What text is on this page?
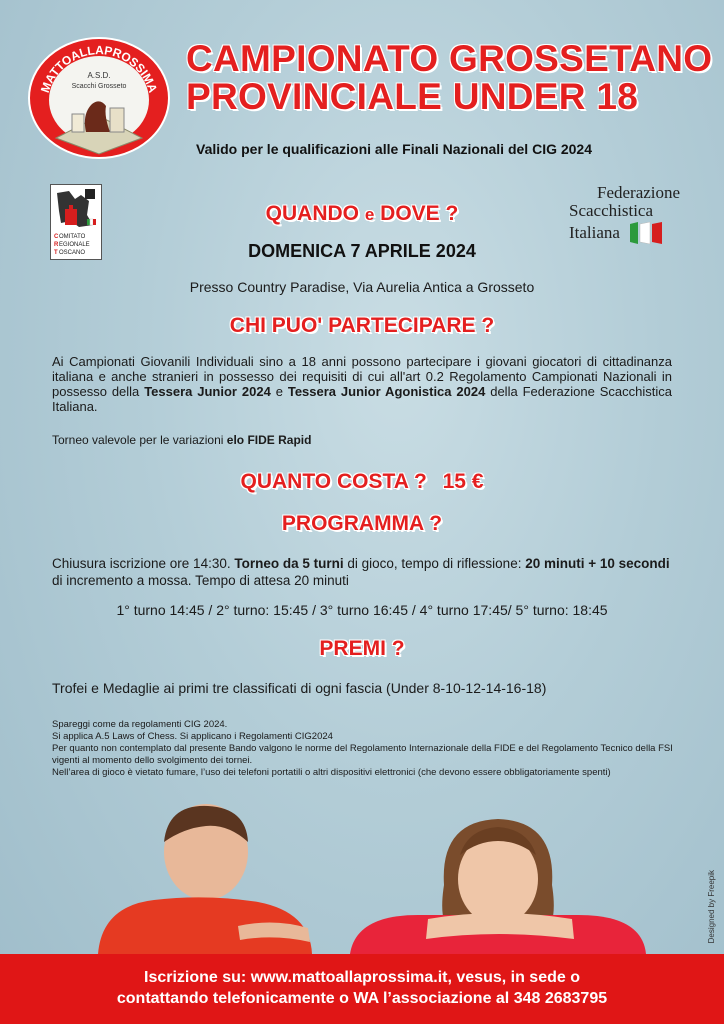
MATTOALLAPROSSIMA
A.S.D.
Scacchi Grosseto
CAMPIONATO GROSSETANO
PROVINCIALE UNDER 18
Valido per le qualificazioni alle Finali Nazionali del CIG 2024
C OMITATO
R EGIONALE
T OSCANO
Federazione
Scacchistica
Italiana
QUANDO e DOVE ?
DOMENICA 7 APRILE 2024
Presso Country Paradise, Via Aurelia Antica a Grosseto
CHI PUO' PARTECIPARE ?
Ai Campionati Giovanili Individuali sino a 18 anni possono partecipare i giovani giocatori di cittadinanza italiana e anche stranieri in possesso dei requisiti di cui all'art 0.2 Regolamento Campionati Nazionali in possesso della Tessera Junior 2024 e Tessera Junior Agonistica 2024 della Federazione Scacchistica Italiana.
Torneo valevole per le variazioni elo FIDE Rapid
QUANTO COSTA ? 15 €
PROGRAMMA ?
Chiusura iscrizione ore 14:30. Torneo da 5 turni di gioco, tempo di riflessione: 20 minuti + 10 secondi
di incremento a mossa. Tempo di attesa 20 minuti
1° turno 14:45 / 2° turno: 15:45 / 3° turno 16:45 / 4° turno 17:45/ 5° turno: 18:45
PREMI ?
Trofei e Medaglie ai primi tre classificati di ogni fascia (Under 8-10-12-14-16-18)
Spareggi come da regolamenti CIG 2024.
Si applica A.5 Laws of Chess. Si applicano i Regolamenti CIG2024
Per quanto non contemplato dal presente Bando valgono le norme del Regolamento Internazionale della FIDE e del Regolamento Tecnico della FSI vigenti al momento dello svolgimento dei tornei.
Nell’area di gioco è vietato fumare, l’uso dei telefoni portatili o altri dispositivi elettronici (che devono essere obbligatoriamente spenti)
Designed by Freepik
Iscrizione su: www.mattoallaprossima.it, vesus, in sede o
contattando telefonicamente o WA l’associazione al 348 2683795
